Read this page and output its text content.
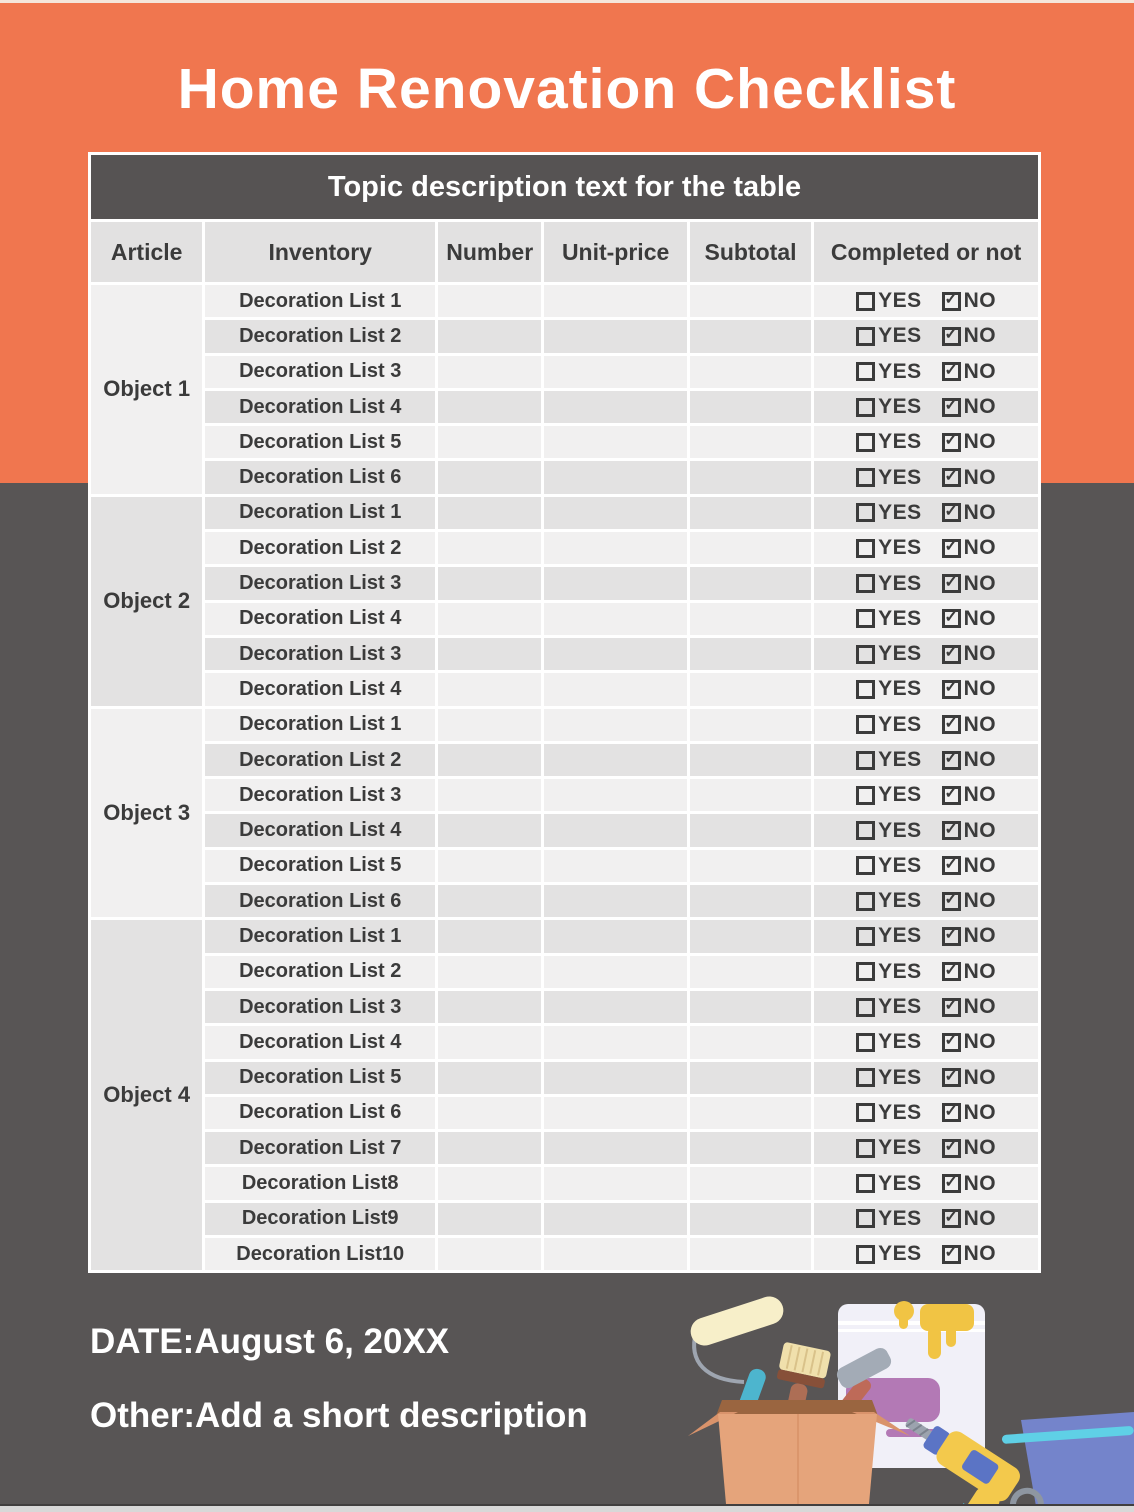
Home Renovation Checklist
Topic description text for the table					
Article	Inventory	Number	Unit-price	Subtotal	Completed or not
Object 1	Decoration List 1				YES ✓ NO

	Decoration List 2				YES ✓ NO

	Decoration List 3				YES ✓ NO

	Decoration List 4				YES ✓ NO

	Decoration List 5				YES ✓ NO

	Decoration List 6				YES ✓ NO

Object 2	Decoration List 1				YES ✓ NO

	Decoration List 2				YES ✓ NO

	Decoration List 3				YES ✓ NO

	Decoration List 4				YES ✓ NO

	Decoration List 3				YES ✓ NO

	Decoration List 4				YES ✓ NO

Object 3	Decoration List 1				YES ✓ NO

	Decoration List 2				YES ✓ NO

	Decoration List 3				YES ✓ NO

	Decoration List 4				YES ✓ NO

	Decoration List 5				YES ✓ NO

	Decoration List 6				YES ✓ NO

Object 4	Decoration List 1				YES ✓ NO

	Decoration List 2				YES ✓ NO

	Decoration List 3				YES ✓ NO

	Decoration List 4				YES ✓ NO

	Decoration List 5				YES ✓ NO

	Decoration List 6				YES ✓ NO

	Decoration List 7				YES ✓ NO

	Decoration List8				YES ✓ NO

	Decoration List9				YES ✓ NO

	Decoration List10				YES ✓ NO

DATE:August 6, 20XX

Other:Add a short description
